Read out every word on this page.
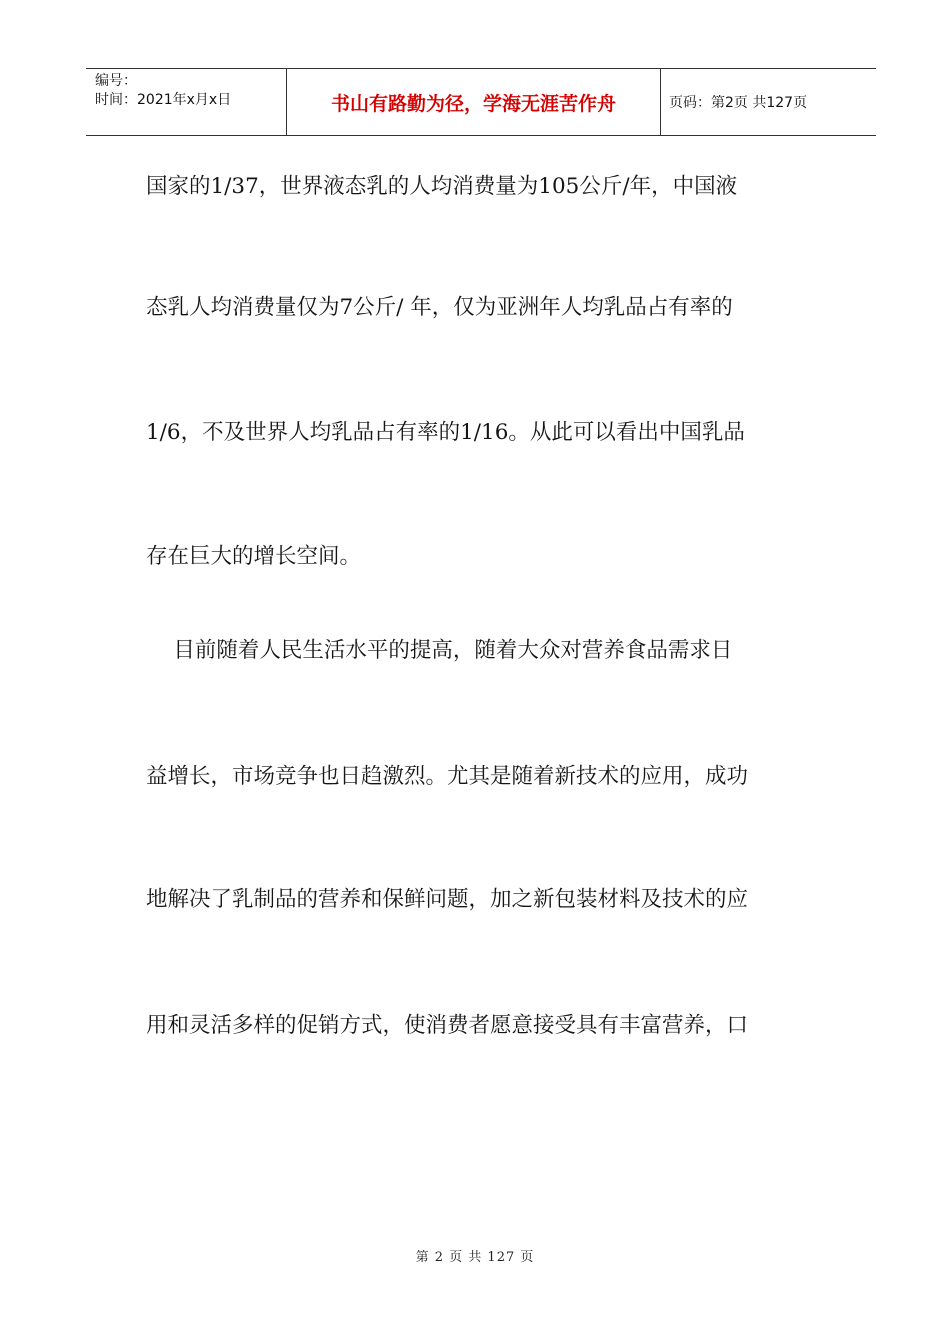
编号：
时间：2021年x月x日	书山有路勤为径，学海无涯苦作舟	页码：第2页 共127页
国家的1/37，世界液态乳的人均消费量为105公斤/年，中国液
态乳人均消费量仅为7公斤/ 年，仅为亚洲年人均乳品占有率的
1/6，不及世界人均乳品占有率的1/16。从此可以看出中国乳品
存在巨大的增长空间。
目前随着人民生活水平的提高，随着大众对营养食品需求日
益增长，市场竞争也日趋激烈。尤其是随着新技术的应用，成功
地解决了乳制品的营养和保鲜问题，加之新包装材料及技术的应
用和灵活多样的促销方式，使消费者愿意接受具有丰富营养，口
第 2 页 共 127 页
